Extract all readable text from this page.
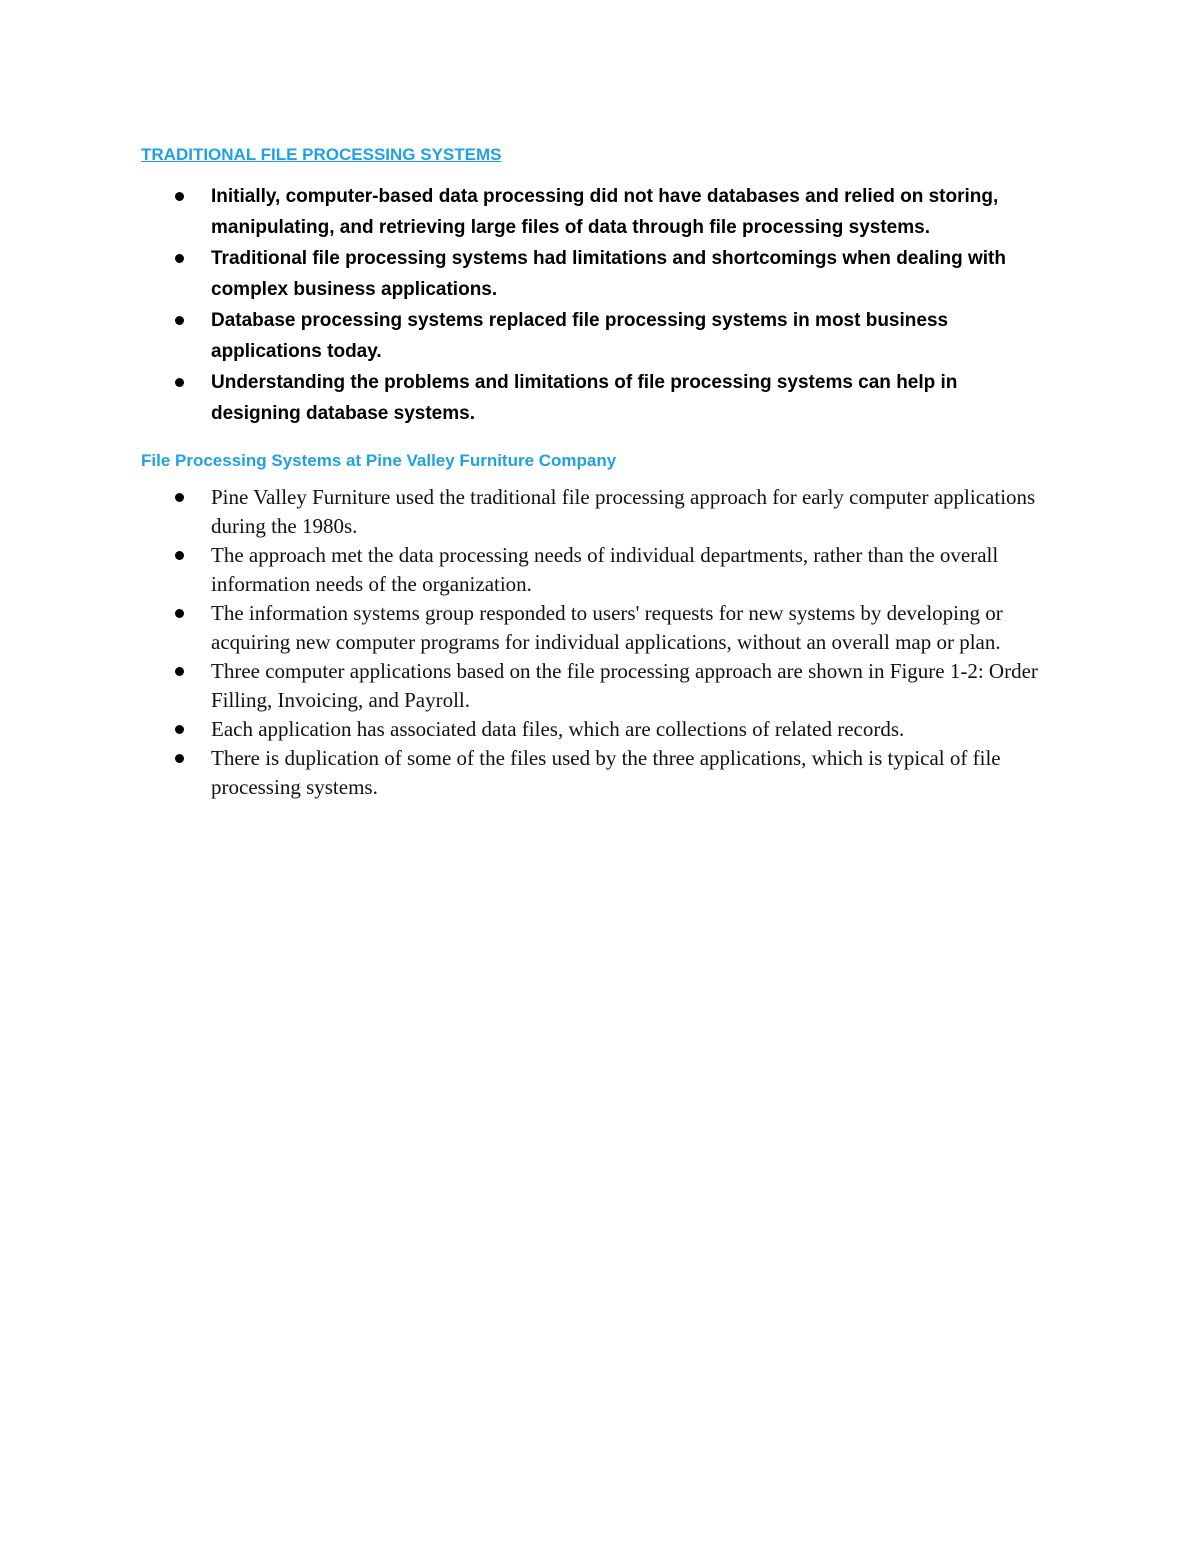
TRADITIONAL FILE PROCESSING SYSTEMS
Initially, computer-based data processing did not have databases and relied on storing, manipulating, and retrieving large files of data through file processing systems.
Traditional file processing systems had limitations and shortcomings when dealing with complex business applications.
Database processing systems replaced file processing systems in most business applications today.
Understanding the problems and limitations of file processing systems can help in designing database systems.
File Processing Systems at Pine Valley Furniture Company
Pine Valley Furniture used the traditional file processing approach for early computer applications during the 1980s.
The approach met the data processing needs of individual departments, rather than the overall information needs of the organization.
The information systems group responded to users' requests for new systems by developing or acquiring new computer programs for individual applications, without an overall map or plan.
Three computer applications based on the file processing approach are shown in Figure 1-2: Order Filling, Invoicing, and Payroll.
Each application has associated data files, which are collections of related records.
There is duplication of some of the files used by the three applications, which is typical of file processing systems.
